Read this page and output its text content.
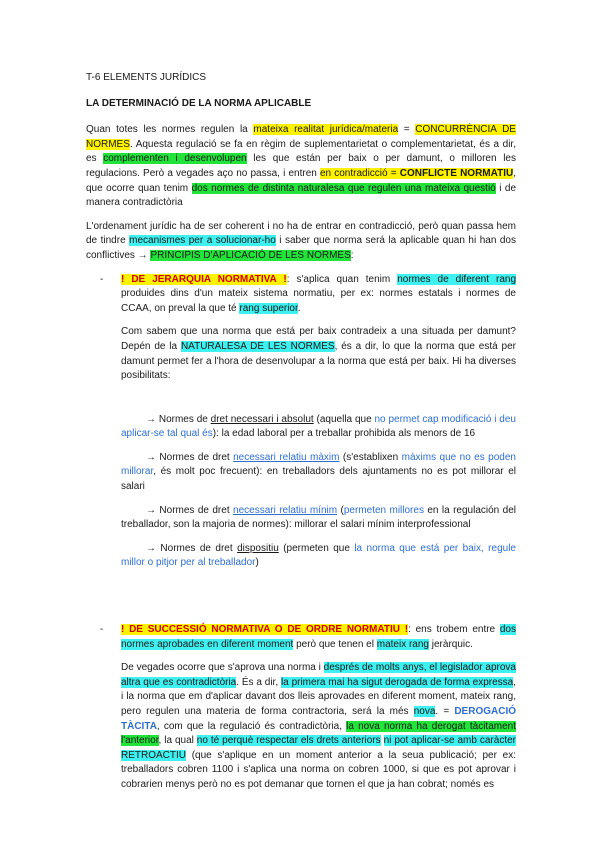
T-6 ELEMENTS JURÍDICS

LA DETERMINACIÓ DE LA NORMA APLICABLE

Quan totes les normes regulen la mateixa realitat jurídica/materia = CONCURRÈNCIA DE NORMES. Aquesta regulació se fa en règim de suplementarietat o complementarietat, és a dir, es complementen i desenvolupen les que están per baix o per damunt, o milloren les regulacions. Però a vegades aço no passa, i entren en contradicció = CONFLICTE NORMATIU, que ocorre quan tenim dos normes de distinta naturalesa que regulen una mateixa questió i de manera contradictòria

L'ordenament jurídic ha de ser coherent i no ha de entrar en contradicció, però quan passa hem de tindre mecanismes per a solucionar-ho i saber que norma será la aplicable quan hi han dos conflictives → PRINCIPIS D'APLICACIÓ DE LES NORMES:

- ! DE JERARQUIA NORMATIVA !: s'aplica quan tenim normes de diferent rang produides dins d'un mateix sistema normatiu, per ex: normes estatals i normes de CCAA, on preval la que té rang superior.

Com sabem que una norma que está per baix contradeix a una situada per damunt? Depén de la NATURALESA DE LES NORMES, és a dir, lo que la norma que está per damunt permet fer a l'hora de desenvolupar a la norma que está per baix. Hi ha diverses posibilitats:

→ Normes de dret necessari i absolut (aquella que no permet cap modificació i deu aplicar-se tal qual és): la edad laboral per a treballar prohibida als menors de 16

→ Normes de dret necessari relatiu màxim (s'establixen màxims que no es poden millorar, és molt poc frecuent): en treballadors dels ajuntaments no es pot millorar el salari

→ Normes de dret necessari relatiu mínim (permeten millores en la regulación del treballador, son la majoria de normes): millorar el salari mínim interprofessional

→ Normes de dret dispositiu (permeten que la norma que está per baix, regule millor o pitjor per al treballador)

- ! DE SUCCESSIÓ NORMATIVA O DE ORDRE NORMATIU !: ens trobem entre dos normes aprobades en diferent moment però que tenen el mateix rang jeràrquic.

De vegades ocorre que s'aprova una norma i després de molts anys, el legislador aprova altra que es contradictòria. És a dir, la primera mai ha sigut derogada de forma expressa, i la norma que em d'aplicar davant dos lleis aprovades en diferent moment, mateix rang, pero regulen una materia de forma contractoria, será la més nova. = DEROGACIÓ TÀCITA, com que la regulació és contradictòria, la nova norma ha derogat tàcitament l'anterior, la qual no té perquè respectar els drets anteriors ni pot aplicar-se amb caràcter RETROACTIU (que s'aplique en un moment anterior a la seua publicació; per ex: treballadors cobren 1100 i s'aplica una norma on cobren 1000, si que es pot aprovar i cobrarien menys però no es pot demanar que tornen el que ja han cobrat; només es
